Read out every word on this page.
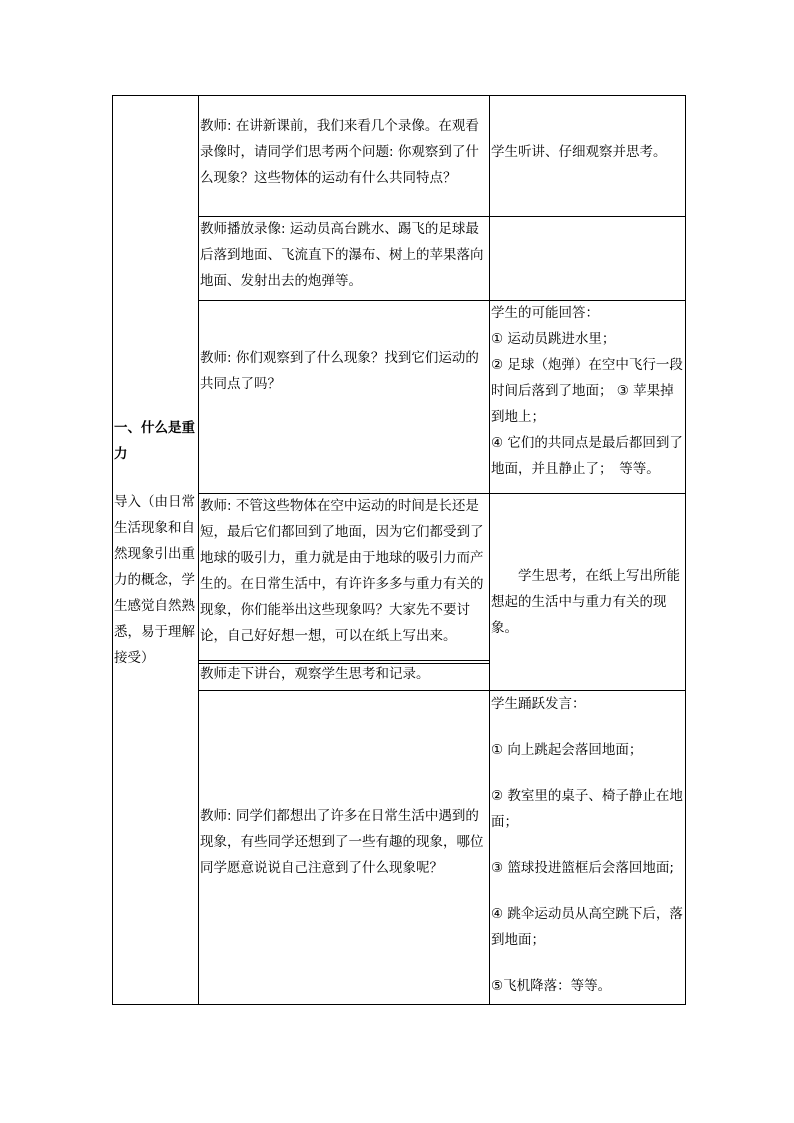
一、什么是重力
导入（由日常生活现象和自然现象引出重力的概念，学生感觉自然熟悉，易于理解接受）
教师: 在讲新课前，我们来看几个录像。在观看录像时，请同学们思考两个问题: 你观察到了什么现象？这些物体的运动有什么共同特点？
学生听讲、仔细观察并思考。
教师播放录像: 运动员高台跳水、踢飞的足球最后落到地面、飞流直下的瀑布、树上的苹果落向地面、发射出去的炮弹等。
教师: 你们观察到了什么现象？找到它们运动的共同点了吗？

学生的可能回答：

① 运动员跳进水里；

② 足球（炮弹）在空中飞行一段时间后落到了地面； ③ 苹果掉到地上；

④ 它们的共同点是最后都回到了地面，并且静止了；　等等。

教师: 不管这些物体在空中运动的时间是长还是短，最后它们都回到了地面，因为它们都受到了地球的吸引力，重力就是由于地球的吸引力而产生的。在日常生活中，有许许多多与重力有关的现象，你们能举出这些现象吗？大家先不要讨论，自己好好想一想，可以在纸上写出来。
教师走下讲台，观察学生思考和记录。
学生思考，在纸上写出所能想起的生活中与重力有关的现象。
教师: 同学们都想出了许多在日常生活中遇到的现象，有些同学还想到了一些有趣的现象，哪位同学愿意说说自己注意到了什么现象呢？

学生踊跃发言：

① 向上跳起会落回地面；

② 教室里的桌子、椅子静止在地面；

③ 篮球投进篮框后会落回地面;

④ 跳伞运动员从高空跳下后，落到地面；

⑤飞机降落：等等。
